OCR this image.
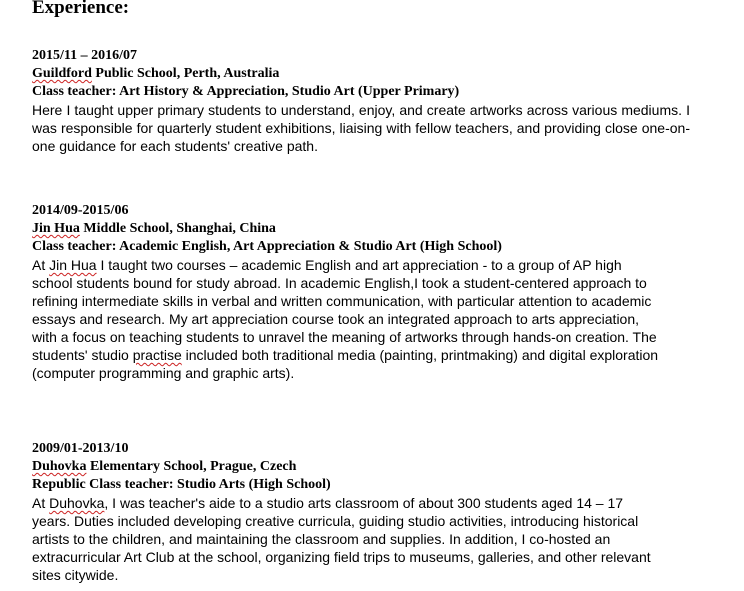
Experience:

2015/11 – 2016/07

Guildford Public School, Perth, Australia

Class teacher: Art History & Appreciation, Studio Art (Upper Primary)

Here I taught upper primary students to understand, enjoy, and create artworks across various mediums. I was responsible for quarterly student exhibitions, liaising with fellow teachers, and providing close one-on-one guidance for each students' creative path.

2014/09-2015/06

Jin Hua Middle School, Shanghai, China

Class teacher: Academic English, Art Appreciation & Studio Art (High School)

At Jin Hua I taught two courses – academic English and art appreciation - to a group of AP high
school students bound for study abroad. In academic English,I took a student-centered approach to
refining intermediate skills in verbal and written communication, with particular attention to academic
essays and research. My art appreciation course took an integrated approach to arts appreciation,
with a focus on teaching students to unravel the meaning of artworks through hands-on creation. The
students' studio practise included both traditional media (painting, printmaking) and digital exploration
(computer programming and graphic arts).

2009/01-2013/10

Duhovka Elementary School, Prague, Czech

Republic Class teacher: Studio Arts (High School)

At Duhovka, I was teacher's aide to a studio arts classroom of about 300 students aged 14 – 17
years. Duties included developing creative curricula, guiding studio activities, introducing historical
artists to the children, and maintaining the classroom and supplies. In addition, I co-hosted an
extracurricular Art Club at the school, organizing field trips to museums, galleries, and other relevant
sites citywide.
